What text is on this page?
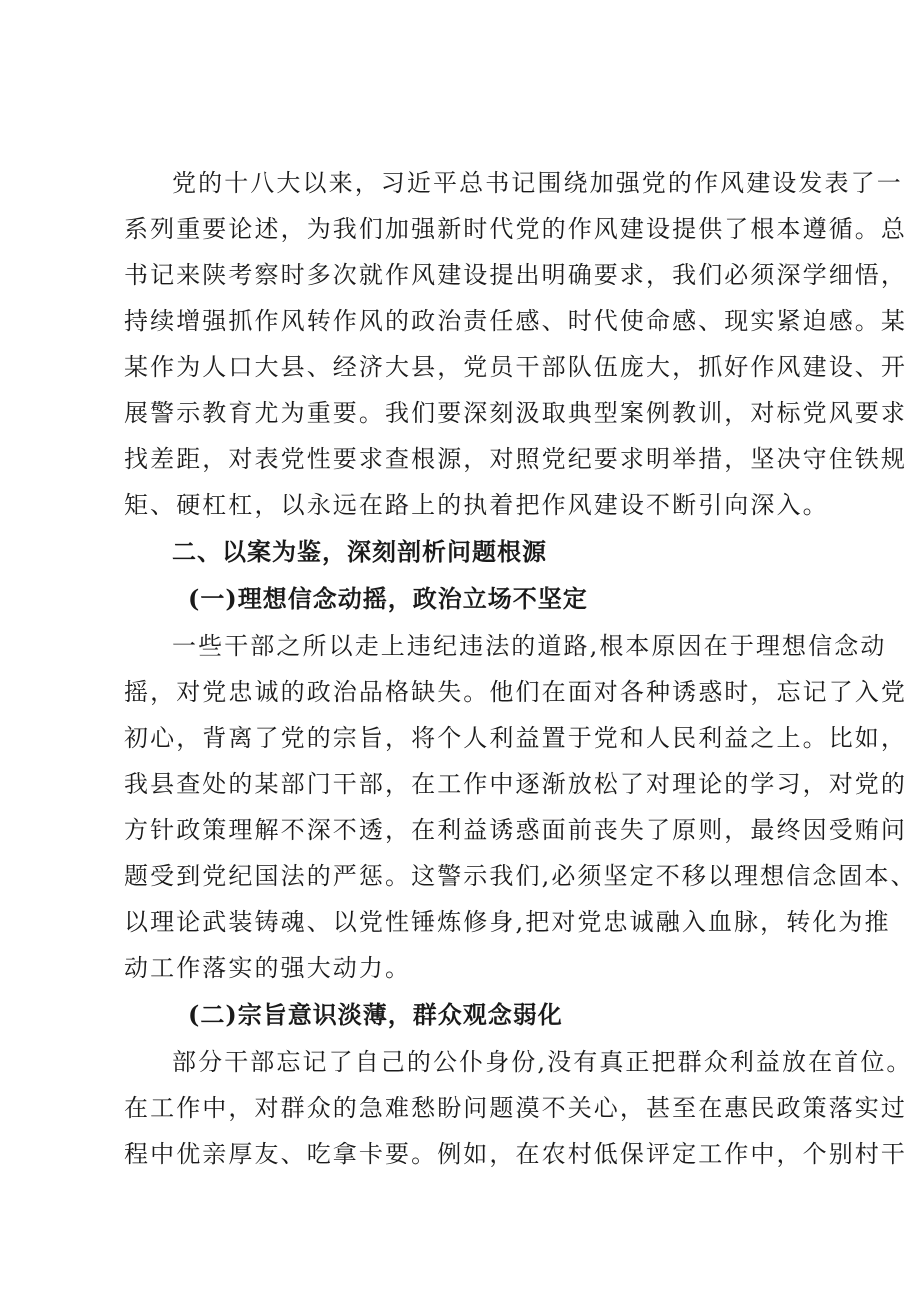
党的十八大以来，习近平总书记围绕加强党的作风建设发表了一
系列重要论述，为我们加强新时代党的作风建设提供了根本遵循。总
书记来陕考察时多次就作风建设提出明确要求，我们必须深学细悟，
持续增强抓作风转作风的政治责任感、时代使命感、现实紧迫感。某
某作为人口大县、经济大县，党员干部队伍庞大，抓好作风建设、开
展警示教育尤为重要。我们要深刻汲取典型案例教训，对标党风要求
找差距，对表党性要求查根源，对照党纪要求明举措，坚决守住铁规
矩、硬杠杠，以永远在路上的执着把作风建设不断引向深入。
二、以案为鉴，深刻剖析问题根源
(一)理想信念动摇，政治立场不坚定
一些干部之所以走上违纪违法的道路,根本原因在于理想信念动
摇，对党忠诚的政治品格缺失。他们在面对各种诱惑时，忘记了入党
初心，背离了党的宗旨，将个人利益置于党和人民利益之上。比如，
我县查处的某部门干部，在工作中逐渐放松了对理论的学习，对党的
方针政策理解不深不透，在利益诱惑面前丧失了原则，最终因受贿问
题受到党纪国法的严惩。这警示我们,必须坚定不移以理想信念固本、
以理论武装铸魂、以党性锤炼修身,把对党忠诚融入血脉，转化为推
动工作落实的强大动力。
(二)宗旨意识淡薄，群众观念弱化
部分干部忘记了自己的公仆身份,没有真正把群众利益放在首位。
在工作中，对群众的急难愁盼问题漠不关心，甚至在惠民政策落实过
程中优亲厚友、吃拿卡要。例如，在农村低保评定工作中，个别村干
